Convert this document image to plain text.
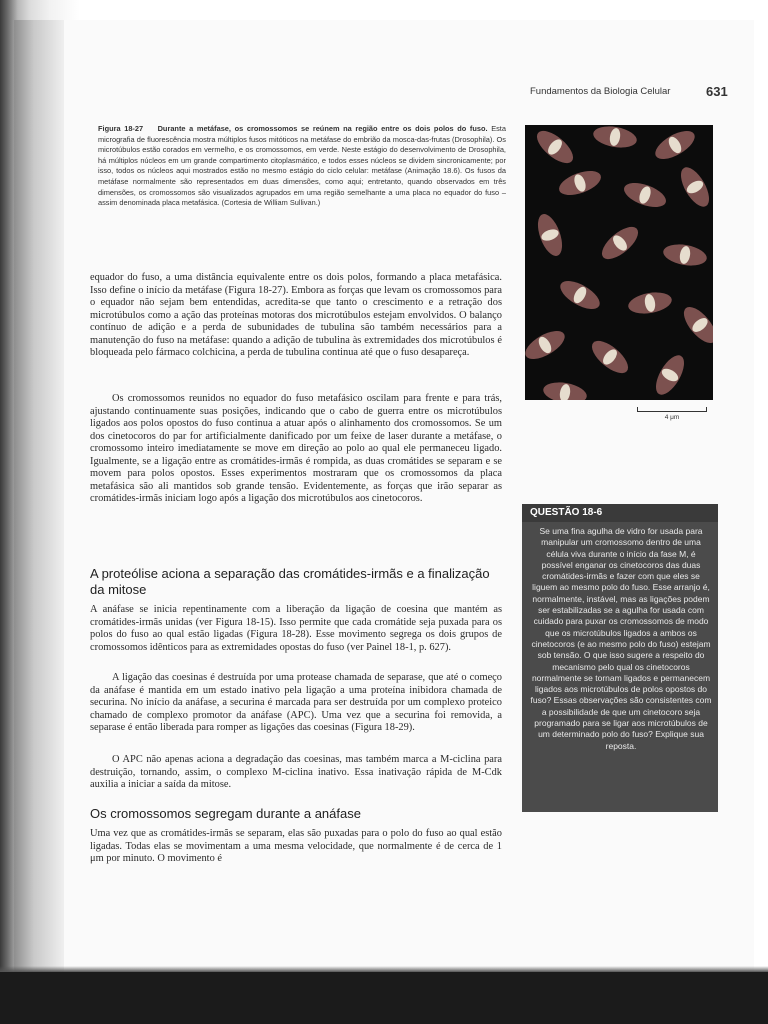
Fundamentos da Biologia Celular	631
Figura 18-27 Durante a metáfase, os cromossomos se reúnem na região entre os dois polos do fuso. Esta micrografia de fluorescência mostra múltiplos fusos mitóticos na metáfase do embrião da mosca-das-frutas (Drosophila). Os microtúbulos estão corados em vermelho, e os cromossomos, em verde. Neste estágio do desenvolvimento de Drosophila, há múltiplos núcleos em um grande compartimento citoplasmático, e todos esses núcleos se dividem sincronicamente; por isso, todos os núcleos aqui mostrados estão no mesmo estágio do ciclo celular: metáfase (Animação 18.6). Os fusos da metáfase normalmente são representados em duas dimensões, como aqui; entretanto, quando observados em três dimensões, os cromossomos são visualizados agrupados em uma região semelhante a uma placa no equador do fuso – assim denominada placa metafásica. (Cortesia de William Sullivan.)
4 μm

equador do fuso, a uma distância equivalente entre os dois polos, formando a placa metafásica. Isso define o início da metáfase (Figura 18-27). Embora as forças que levam os cromossomos para o equador não sejam bem entendidas, acredita-se que tanto o crescimento e a retração dos microtúbulos como a ação das proteínas motoras dos microtúbulos estejam envolvidos. O balanço contínuo de adição e a perda de subunidades de tubulina são também necessários para a manutenção do fuso na metáfase: quando a adição de tubulina às extremidades dos microtúbulos é bloqueada pelo fármaco colchicina, a perda de tubulina continua até que o fuso desapareça.

Os cromossomos reunidos no equador do fuso metafásico oscilam para frente e para trás, ajustando continuamente suas posições, indicando que o cabo de guerra entre os microtúbulos ligados aos polos opostos do fuso continua a atuar após o alinhamento dos cromossomos. Se um dos cinetocoros do par for artificialmente danificado por um feixe de laser durante a metáfase, o cromossomo inteiro imediatamente se move em direção ao polo ao qual ele permaneceu ligado. Igualmente, se a ligação entre as cromátides-irmãs é rompida, as duas cromátides se separam e se movem para polos opostos. Esses experimentos mostraram que os cromossomos da placa metafásica são ali mantidos sob grande tensão. Evidentemente, as forças que irão separar as cromátides-irmãs iniciam logo após a ligação dos microtúbulos aos cinetocoros.

A proteólise aciona a separação das cromátides-irmãs e a finalização da mitose

A anáfase se inicia repentinamente com a liberação da ligação de coesina que mantém as cromátides-irmãs unidas (ver Figura 18-15). Isso permite que cada cromátide seja puxada para os polos do fuso ao qual estão ligadas (Figura 18-28). Esse movimento segrega os dois grupos de cromossomos idênticos para as extremidades opostas do fuso (ver Painel 18-1, p. 627).

A ligação das coesinas é destruída por uma protease chamada de separase, que até o começo da anáfase é mantida em um estado inativo pela ligação a uma proteína inibidora chamada de securina. No início da anáfase, a securina é marcada para ser destruída por um complexo proteico chamado de complexo promotor da anáfase (APC). Uma vez que a securina foi removida, a separase é então liberada para romper as ligações das coesinas (Figura 18-29).

O APC não apenas aciona a degradação das coesinas, mas também marca a M-ciclina para destruição, tornando, assim, o complexo M-ciclina inativo. Essa inativação rápida de M-Cdk auxilia a iniciar a saída da mitose.

Os cromossomos segregam durante a anáfase

Uma vez que as cromátides-irmãs se separam, elas são puxadas para o polo do fuso ao qual estão ligadas. Todas elas se movimentam a uma mesma velocidade, que normalmente é de cerca de 1 μm por minuto. O movimento é

QUESTÃO 18-6
Se uma fina agulha de vidro for usada para manipular um cromossomo dentro de uma célula viva durante o início da fase M, é possível enganar os cinetocoros das duas cromátides-irmãs e fazer com que eles se liguem ao mesmo polo do fuso. Esse arranjo é, normalmente, instável, mas as ligações podem ser estabilizadas se a agulha for usada com cuidado para puxar os cromossomos de modo que os microtúbulos ligados a ambos os cinetocoros (e ao mesmo polo do fuso) estejam sob tensão. O que isso sugere a respeito do mecanismo pelo qual os cinetocoros normalmente se tornam ligados e permanecem ligados aos microtúbulos de polos opostos do fuso? Essas observações são consistentes com a possibilidade de que um cinetocoro seja programado para se ligar aos microtúbulos de um determinado polo do fuso? Explique sua reposta.
